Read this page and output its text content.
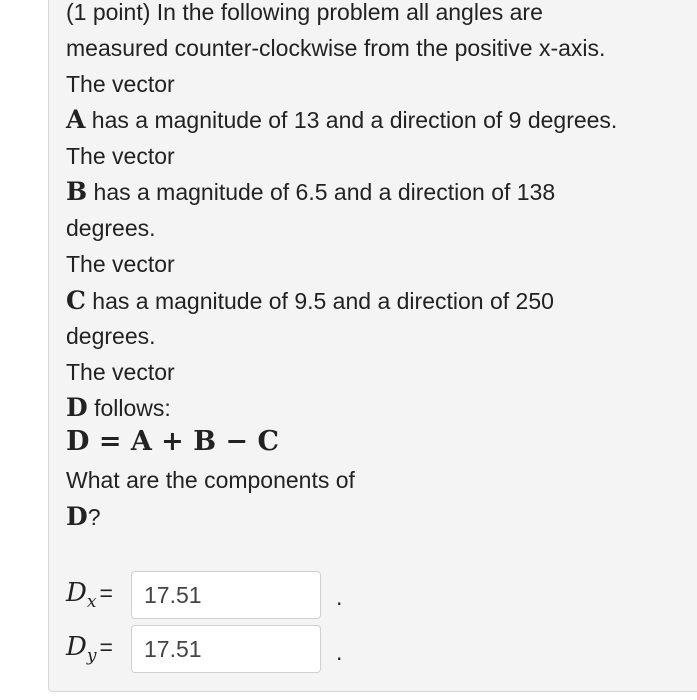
(1 point) In the following problem all angles are
measured counter-clockwise from the positive x-axis.
The vector
A has a magnitude of 13 and a direction of 9 degrees.
The vector
B has a magnitude of 6.5 and a direction of 138
degrees.
The vector
C has a magnitude of 9.5 and a direction of 250
degrees.
The vector
D follows:
D = A + B − C
What are the components of
D?
$D_x$ =	17.51	.
$D_y$ =	17.51	.
